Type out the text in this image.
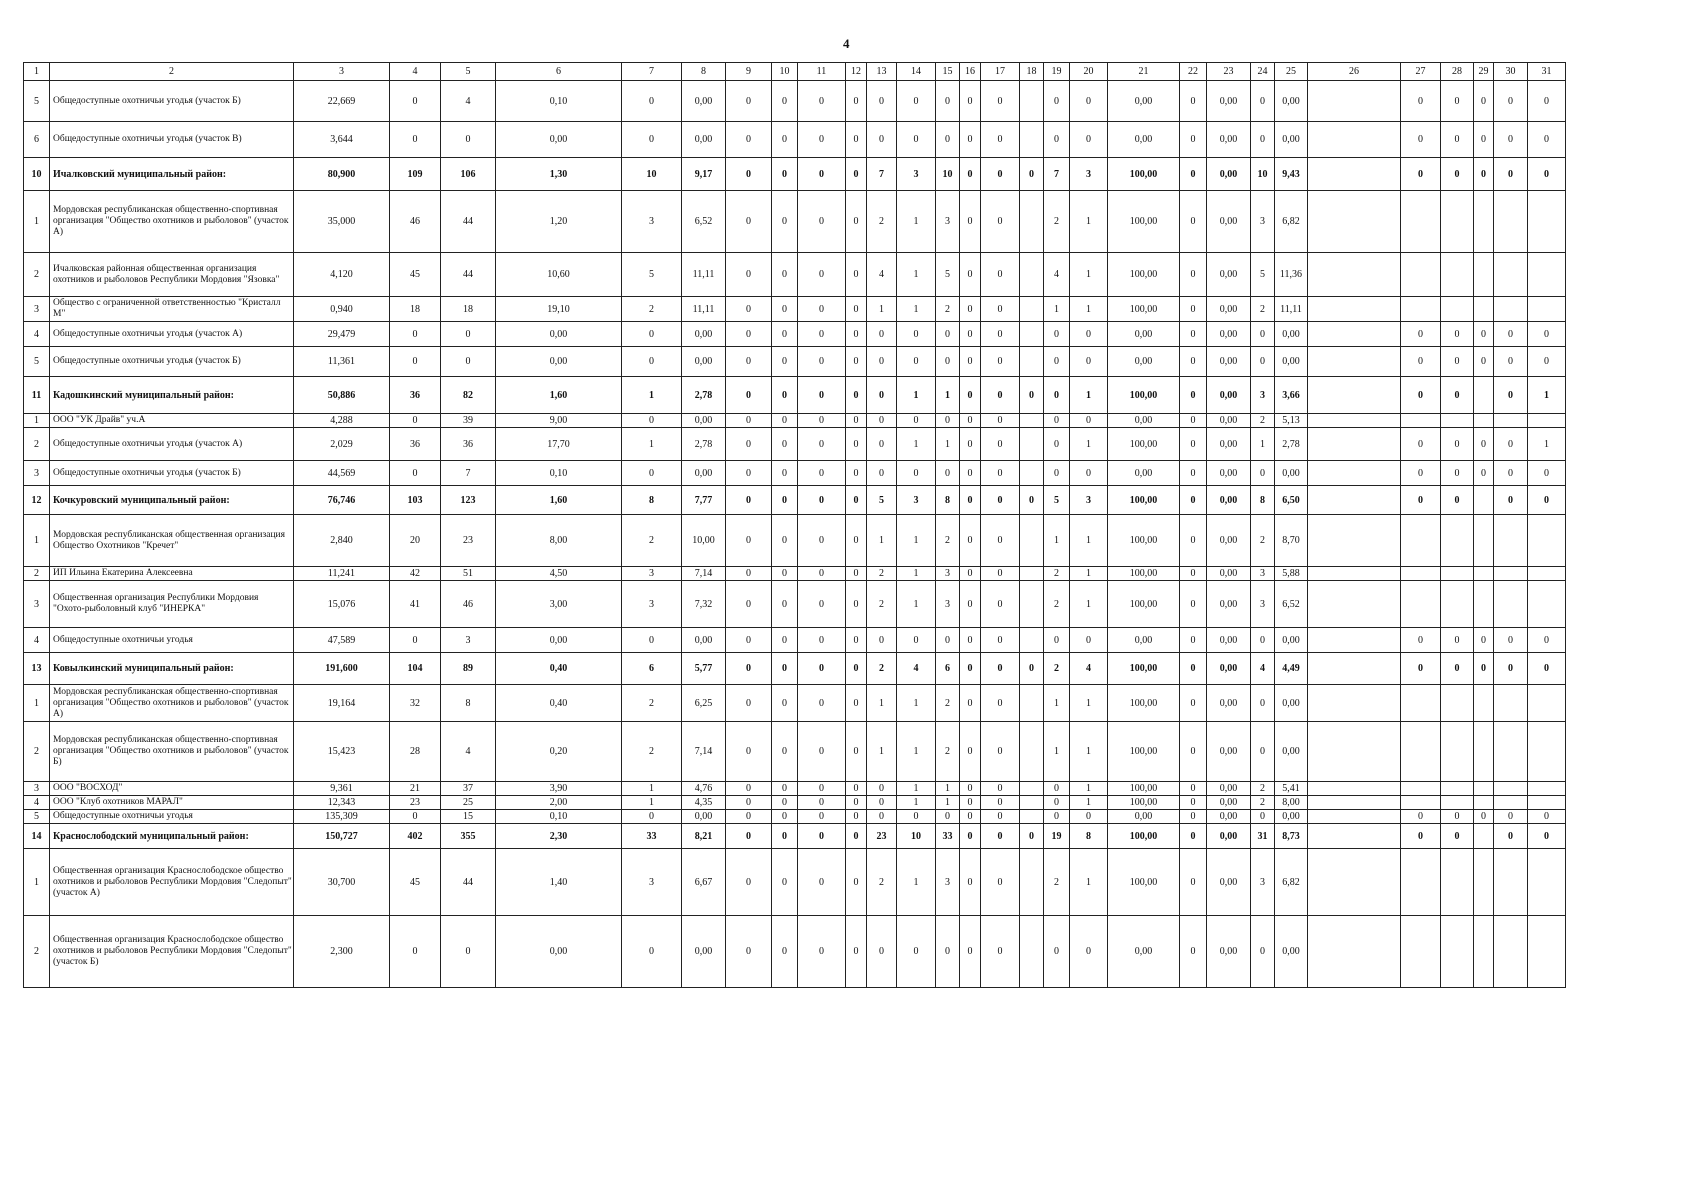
4
1	2	3	4	5	6	7	8	9	10	11	12	13	14	15	16	17	18	19	20	21	22	23	24	25	26	27	28	29	30	31
5	Общедоступные охотничьи угодья (участок Б)	22,669	0	4	0,10	0	0,00	0	0	0	0	0	0	0	0	0		0	0	0,00	0	0,00	0	0,00		0	0	0	0	0
6	Общедоступные охотничьи угодья (участок В)	3,644	0	0	0,00	0	0,00	0	0	0	0	0	0	0	0	0		0	0	0,00	0	0,00	0	0,00		0	0	0	0	0
10	Ичалковский муниципальный район:	80,900	109	106	1,30	10	9,17	0	0	0	0	7	3	10	0	0	0	7	3	100,00	0	0,00	10	9,43		0	0	0	0	0
1	Мордовская республиканская общественно-спортивная организация "Общество охотников и рыболовов" (участок А)	35,000	46	44	1,20	3	6,52	0	0	0	0	2	1	3	0	0		2	1	100,00	0	0,00	3	6,82						
2	Ичалковская районная общественная организация охотников и рыболовов Республики Мордовия "Язовка"	4,120	45	44	10,60	5	11,11	0	0	0	0	4	1	5	0	0		4	1	100,00	0	0,00	5	11,36						
3	Общество с ограниченной ответственностью "Кристалл М"	0,940	18	18	19,10	2	11,11	0	0	0	0	1	1	2	0	0		1	1	100,00	0	0,00	2	11,11						
4	Общедоступные охотничьи угодья (участок А)	29,479	0	0	0,00	0	0,00	0	0	0	0	0	0	0	0	0		0	0	0,00	0	0,00	0	0,00		0	0	0	0	0
5	Общедоступные охотничьи угодья (участок Б)	11,361	0	0	0,00	0	0,00	0	0	0	0	0	0	0	0	0		0	0	0,00	0	0,00	0	0,00		0	0	0	0	0
11	Кадошкинский муниципальный район:	50,886	36	82	1,60	1	2,78	0	0	0	0	0	1	1	0	0	0	0	1	100,00	0	0,00	3	3,66		0	0		0	1
1	ООО "УК Драйв" уч.А	4,288	0	39	9,00	0	0,00	0	0	0	0	0	0	0	0	0		0	0	0,00	0	0,00	2	5,13						
2	Общедоступные охотничьи угодья (участок А)	2,029	36	36	17,70	1	2,78	0	0	0	0	0	1	1	0	0		0	1	100,00	0	0,00	1	2,78		0	0	0	0	1
3	Общедоступные охотничьи угодья (участок Б)	44,569	0	7	0,10	0	0,00	0	0	0	0	0	0	0	0	0		0	0	0,00	0	0,00	0	0,00		0	0	0	0	0
12	Кочкуровский муниципальный район:	76,746	103	123	1,60	8	7,77	0	0	0	0	5	3	8	0	0	0	5	3	100,00	0	0,00	8	6,50		0	0		0	0
1	Мордовская республиканская общественная организация Общество Охотников "Кречет"	2,840	20	23	8,00	2	10,00	0	0	0	0	1	1	2	0	0		1	1	100,00	0	0,00	2	8,70						
2	ИП Ильина Екатерина Алексеевна	11,241	42	51	4,50	3	7,14	0	0	0	0	2	1	3	0	0		2	1	100,00	0	0,00	3	5,88						
3	Общественная организация Республики Мордовия "Охото-рыболовный клуб "ИНЕРКА"	15,076	41	46	3,00	3	7,32	0	0	0	0	2	1	3	0	0		2	1	100,00	0	0,00	3	6,52						
4	Общедоступные охотничьи угодья	47,589	0	3	0,00	0	0,00	0	0	0	0	0	0	0	0	0		0	0	0,00	0	0,00	0	0,00		0	0	0	0	0
13	Ковылкинский муниципальный район:	191,600	104	89	0,40	6	5,77	0	0	0	0	2	4	6	0	0	0	2	4	100,00	0	0,00	4	4,49		0	0	0	0	0
1	Мордовская республиканская общественно-спортивная организация "Общество охотников и рыболовов" (участок А)	19,164	32	8	0,40	2	6,25	0	0	0	0	1	1	2	0	0		1	1	100,00	0	0,00	0	0,00						
2	Мордовская республиканская общественно-спортивная организация "Общество охотников и рыболовов" (участок Б)	15,423	28	4	0,20	2	7,14	0	0	0	0	1	1	2	0	0		1	1	100,00	0	0,00	0	0,00						
3	ООО "ВОСХОД"	9,361	21	37	3,90	1	4,76	0	0	0	0	0	1	1	0	0		0	1	100,00	0	0,00	2	5,41						
4	ООО "Клуб охотников МАРАЛ"	12,343	23	25	2,00	1	4,35	0	0	0	0	0	1	1	0	0		0	1	100,00	0	0,00	2	8,00						
5	Общедоступные охотничьи угодья	135,309	0	15	0,10	0	0,00	0	0	0	0	0	0	0	0	0		0	0	0,00	0	0,00	0	0,00		0	0	0	0	0
14	Краснослободский муниципальный район:	150,727	402	355	2,30	33	8,21	0	0	0	0	23	10	33	0	0	0	19	8	100,00	0	0,00	31	8,73		0	0		0	0
1	Общественная организация Краснослободское общество охотников и рыболовов Республики Мордовия "Следопыт" (участок А)	30,700	45	44	1,40	3	6,67	0	0	0	0	2	1	3	0	0		2	1	100,00	0	0,00	3	6,82						
2	Общественная организация Краснослободское общество охотников и рыболовов Республики Мордовия "Следопыт" (участок Б)	2,300	0	0	0,00	0	0,00	0	0	0	0	0	0	0	0	0		0	0	0,00	0	0,00	0	0,00						
